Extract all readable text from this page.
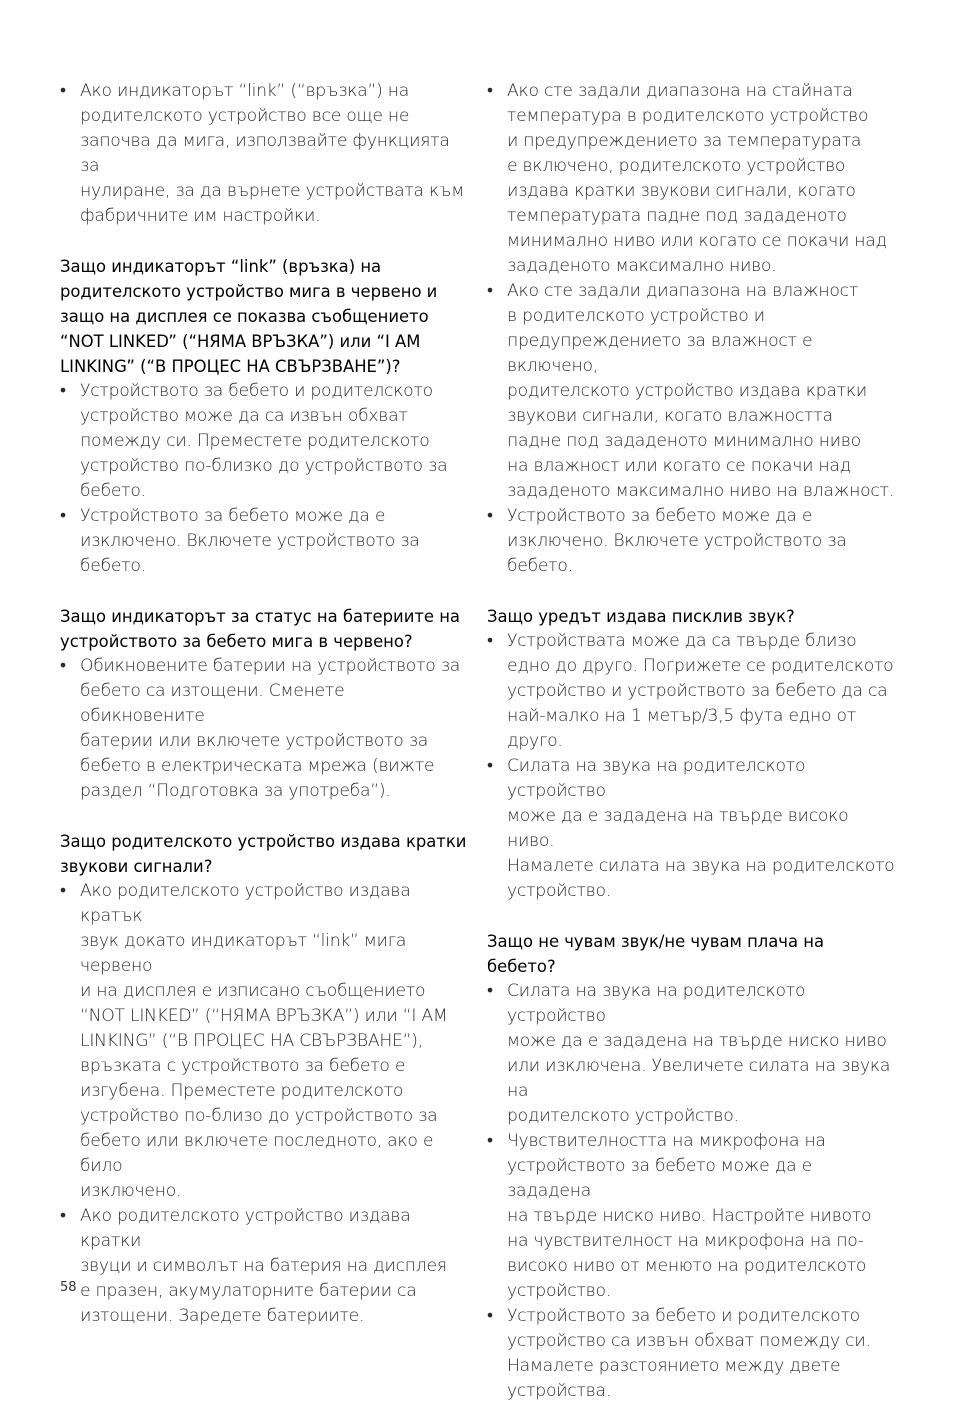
• Ако индикаторът “link” (“връзка”) на
родителското устройство все още не
започва да мига, използвайте функцията за
нулиране, за да върнете устройствата към
фабричните им настройки.

Защо индикаторът “link” (връзка) на
родителското устройство мига в червено и
защо на дисплея се показва съобщението
“NOT LINKED” (“НЯМА ВРЪЗКА”) или “I AM
LINKING” (“В ПРОЦЕС НА СВЪРЗВАНЕ”)?

• Устройството за бебето и родителското
устройство може да са извън обхват
помежду си. Преместете родителското
устройство по-близко до устройството за
бебето.
• Устройството за бебето може да е
изключено. Включете устройството за
бебето.

Защо индикаторът за статус на батериите на
устройството за бебето мига в червено?

• Обикновените батерии на устройството за
бебето са изтощени. Сменете обикновените
батерии или включете устройството за
бебето в електрическата мрежа (вижте
раздел “Подготовка за употреба”).

Защо родителското устройство издава кратки
звукови сигнали?

• Ако родителското устройство издава кратък
звук докато индикаторът “link” мига червено
и на дисплея е изписано съобщението
“NOT LINKED” (“НЯМА ВРЪЗКА”) или “I AM
LINKING” (“В ПРОЦЕС НА СВЪРЗВАНЕ”),
връзката с устройството за бебето е
изгубена. Преместете родителското
устройство по-близо до устройството за
бебето или включете последното, ако е било
изключено.
• Ако родителското устройство издава кратки
звуци и символът на батерия на дисплея
е празен, акумулаторните батерии са
изтощени. Заредете батериите.
• Ако сте задали диапазона на стайната
температура в родителското устройство
и предупреждението за температурата
е включено, родителското устройство
издава кратки звукови сигнали, когато
температурата падне под зададеното
минимално ниво или когато се покачи над
зададеното максимално ниво.
• Ако сте задали диапазона на влажност
в родителското устройство и
предупреждението за влажност е включено,
родителското устройство издава кратки
звукови сигнали, когато влажността
падне под зададеното минимално ниво
на влажност или когато се покачи над
зададеното максимално ниво на влажност.
• Устройството за бебето може да е
изключено. Включете устройството за
бебето.

Защо уредът издава писклив звук?

• Устройствата може да са твърде близо
едно до друго. Погрижете се родителското
устройство и устройството за бебето да са
най-малко на 1 метър/3,5 фута едно от друго.
• Силата на звука на родителското устройство
може да е зададена на твърде високо ниво.
Намалете силата на звука на родителското
устройство.

Защо не чувам звук/не чувам плача на бебето?

• Силата на звука на родителското устройство
може да е зададена на твърде ниско ниво
или изключена. Увеличете силата на звука на
родителското устройство.
• Чувствителността на микрофона на
устройството за бебето може да е зададена
на твърде ниско ниво. Настройте нивото
на чувствителност на микрофона на по-
високо ниво от менюто на родителското
устройство.
• Устройството за бебето и родителското
устройство са извън обхват помежду си.
Намалете разстоянието между двете
устройства.
58
